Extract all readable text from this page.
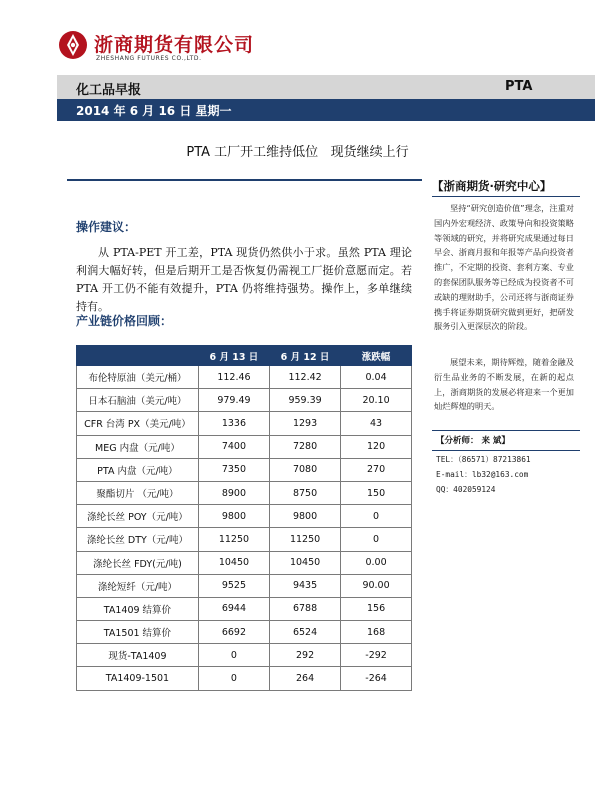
浙商期货有限公司
ZHESHANG FUTURES CO.,LTD.
化工品早报	PTA
2014 年 6 月 16 日 星期一
PTA 工厂开工维持低位   现货继续上行
操作建议：
从 PTA-PET 开工差，PTA 现货仍然供小于求。虽然 PTA 理论利润大幅好转，但是后期开工是否恢复仍需视工厂挺价意愿而定。若 PTA 开工仍不能有效提升，PTA 仍将维持强势。操作上，多单继续持有。
产业链价格回顾：
	6 月 13 日	6 月 12 日	涨跌幅
布伦特原油（美元/桶）	112.46	112.42	0.04
日本石脑油（美元/吨）	979.49	959.39	20.10
CFR 台湾 PX（美元/吨）	1336	1293	43
MEG 内盘（元/吨）	7400	7280	120
PTA 内盘（元/吨）	7350	7080	270
聚酯切片 （元/吨）	8900	8750	150
涤纶长丝 POY（元/吨）	9800	9800	0
涤纶长丝 DTY（元/吨）	11250	11250	0
涤纶长丝 FDY(元/吨)	10450	10450	0.00
涤纶短纤（元/吨）	9525	9435	90.00
TA1409 结算价	6944	6788	156
TA1501 结算价	6692	6524	168
现货-TA1409	0	292	-292
TA1409-1501	0	264	-264
【浙商期货·研究中心】
坚持“研究创造价值”理念，注重对国内外宏观经济、政策导向和投资策略等领域的研究，并将研究成果通过每日早会、浙商月报和年报等产品向投资者推广，不定期的投资、套利方案、专业的套保团队服务等已经成为投资者不可或缺的理财助手，公司还将与浙商证券携手将证券期货研究做到更好，把研发服务引入更深层次的阶段。
展望未来，期待辉煌，随着金融及衍生品业务的不断发展，在新的起点上，浙商期货的发展必将迎来一个更加灿烂辉煌的明天。
【分析师： 来 斌】
TEL：（86571）87213861
E-mail：lb32@163.com
QQ：402059124
